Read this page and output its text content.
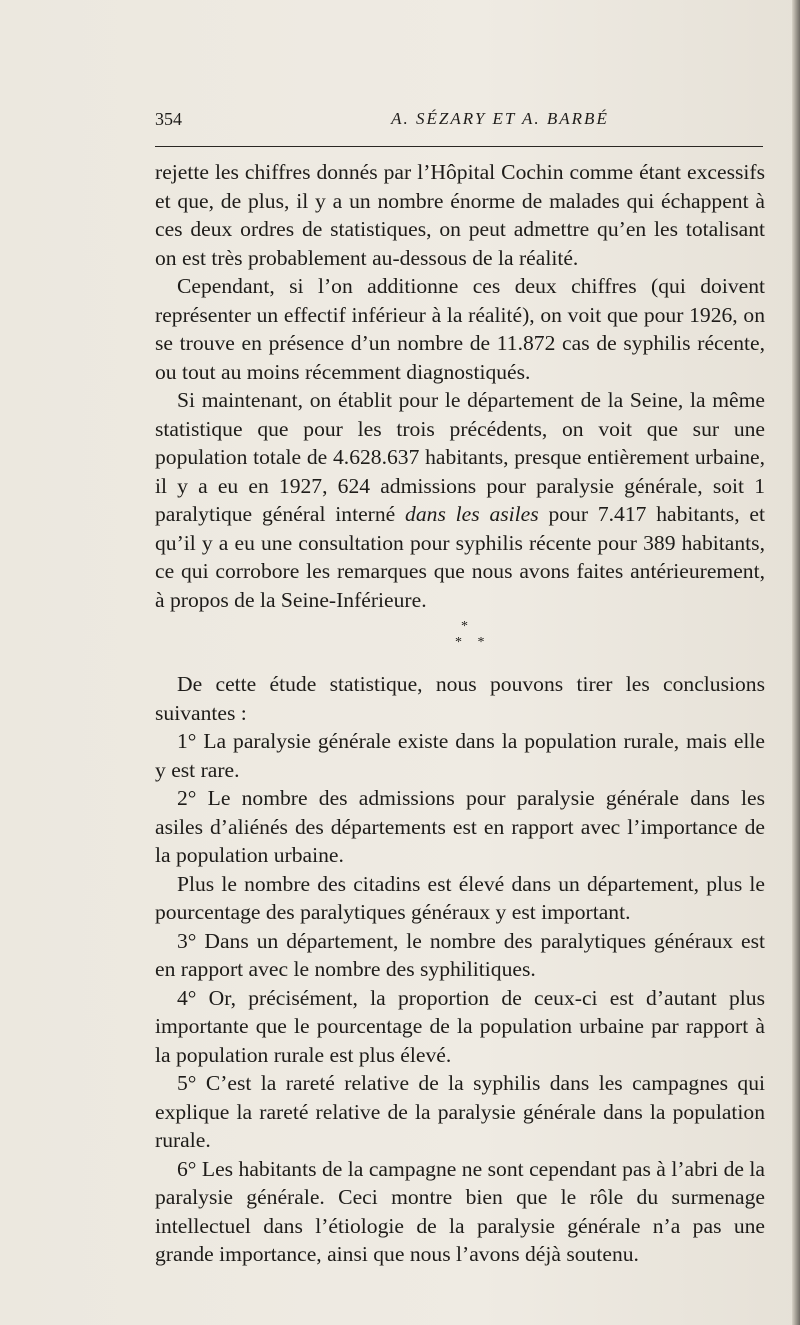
354	A. SÉZARY ET A. BARBÉ

rejette les chiffres donnés par l’Hôpital Cochin comme étant excessifs et que, de plus, il y a un nombre énorme de malades qui échappent à ces deux ordres de statistiques, on peut admettre qu’en les totalisant on est très probablement au-dessous de la réalité.

Cependant, si l’on additionne ces deux chiffres (qui doivent représenter un effectif inférieur à la réalité), on voit que pour 1926, on se trouve en présence d’un nombre de 11.872 cas de syphilis récente, ou tout au moins récemment diagnostiqués.

Si maintenant, on établit pour le département de la Seine, la même statistique que pour les trois précédents, on voit que sur une population totale de 4.628.637 habitants, presque entièrement urbaine, il y a eu en 1927, 624 admissions pour paralysie générale, soit 1 paralytique général interné dans les asiles pour 7.417 habitants, et qu’il y a eu une consultation pour syphilis récente pour 389 habitants, ce qui corrobore les remarques que nous avons faites antérieurement, à propos de la Seine-Inférieure.

*
* *

De cette étude statistique, nous pouvons tirer les conclusions suivantes :

1° La paralysie générale existe dans la population rurale, mais elle y est rare.

2° Le nombre des admissions pour paralysie générale dans les asiles d’aliénés des départements est en rapport avec l’importance de la population urbaine.

Plus le nombre des citadins est élevé dans un département, plus le pourcentage des paralytiques généraux y est important.

3° Dans un département, le nombre des paralytiques généraux est en rapport avec le nombre des syphilitiques.

4° Or, précisément, la proportion de ceux-ci est d’autant plus importante que le pourcentage de la population urbaine par rapport à la population rurale est plus élevé.

5° C’est la rareté relative de la syphilis dans les campagnes qui explique la rareté relative de la paralysie générale dans la population rurale.

6° Les habitants de la campagne ne sont cependant pas à l’abri de la paralysie générale. Ceci montre bien que le rôle du surmenage intellectuel dans l’étiologie de la paralysie générale n’a pas une grande importance, ainsi que nous l’avons déjà soutenu.
